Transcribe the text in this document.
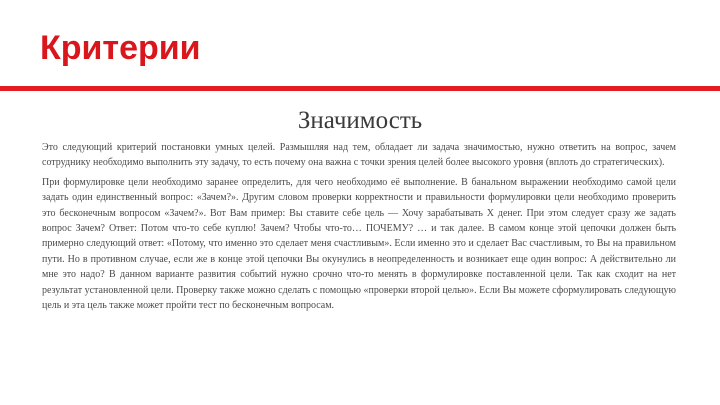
Критерии
Значимость

Это следующий критерий постановки умных целей. Размышляя над тем, обладает ли задача значимостью, нужно ответить на вопрос, зачем сотруднику необходимо выполнить эту задачу, то есть почему она важна с точки зрения целей более высокого уровня (вплоть до стратегических).

При формулировке цели необходимо заранее определить, для чего необходимо её выполнение. В банальном выражении необходимо самой цели задать один единственный вопрос: «Зачем?». Другим словом проверки корректности и правильности формулировки цели необходимо проверить это бесконечным вопросом «Зачем?». Вот Вам пример: Вы ставите себе цель — Хочу зарабатывать Х денег. При этом следует сразу же задать вопрос Зачем? Ответ: Потом что-то себе куплю! Зачем? Чтобы что-то… ПОЧЕМУ? … и так далее. В самом конце этой цепочки должен быть примерно следующий ответ: «Потому, что именно это сделает меня счастливым». Если именно это и сделает Вас счастливым, то Вы на правильном пути. Но в противном случае, если же в конце этой цепочки Вы окунулись в неопределенность и возникает еще один вопрос: А действительно ли мне это надо? В данном варианте развития событий нужно срочно что-то менять в формулировке поставленной цели. Так как сходит на нет результат установленной цели. Проверку также можно сделать с помощью «проверки второй целью». Если Вы можете сформулировать следующую цель и эта цель также может пройти тест по бесконечным вопросам.
